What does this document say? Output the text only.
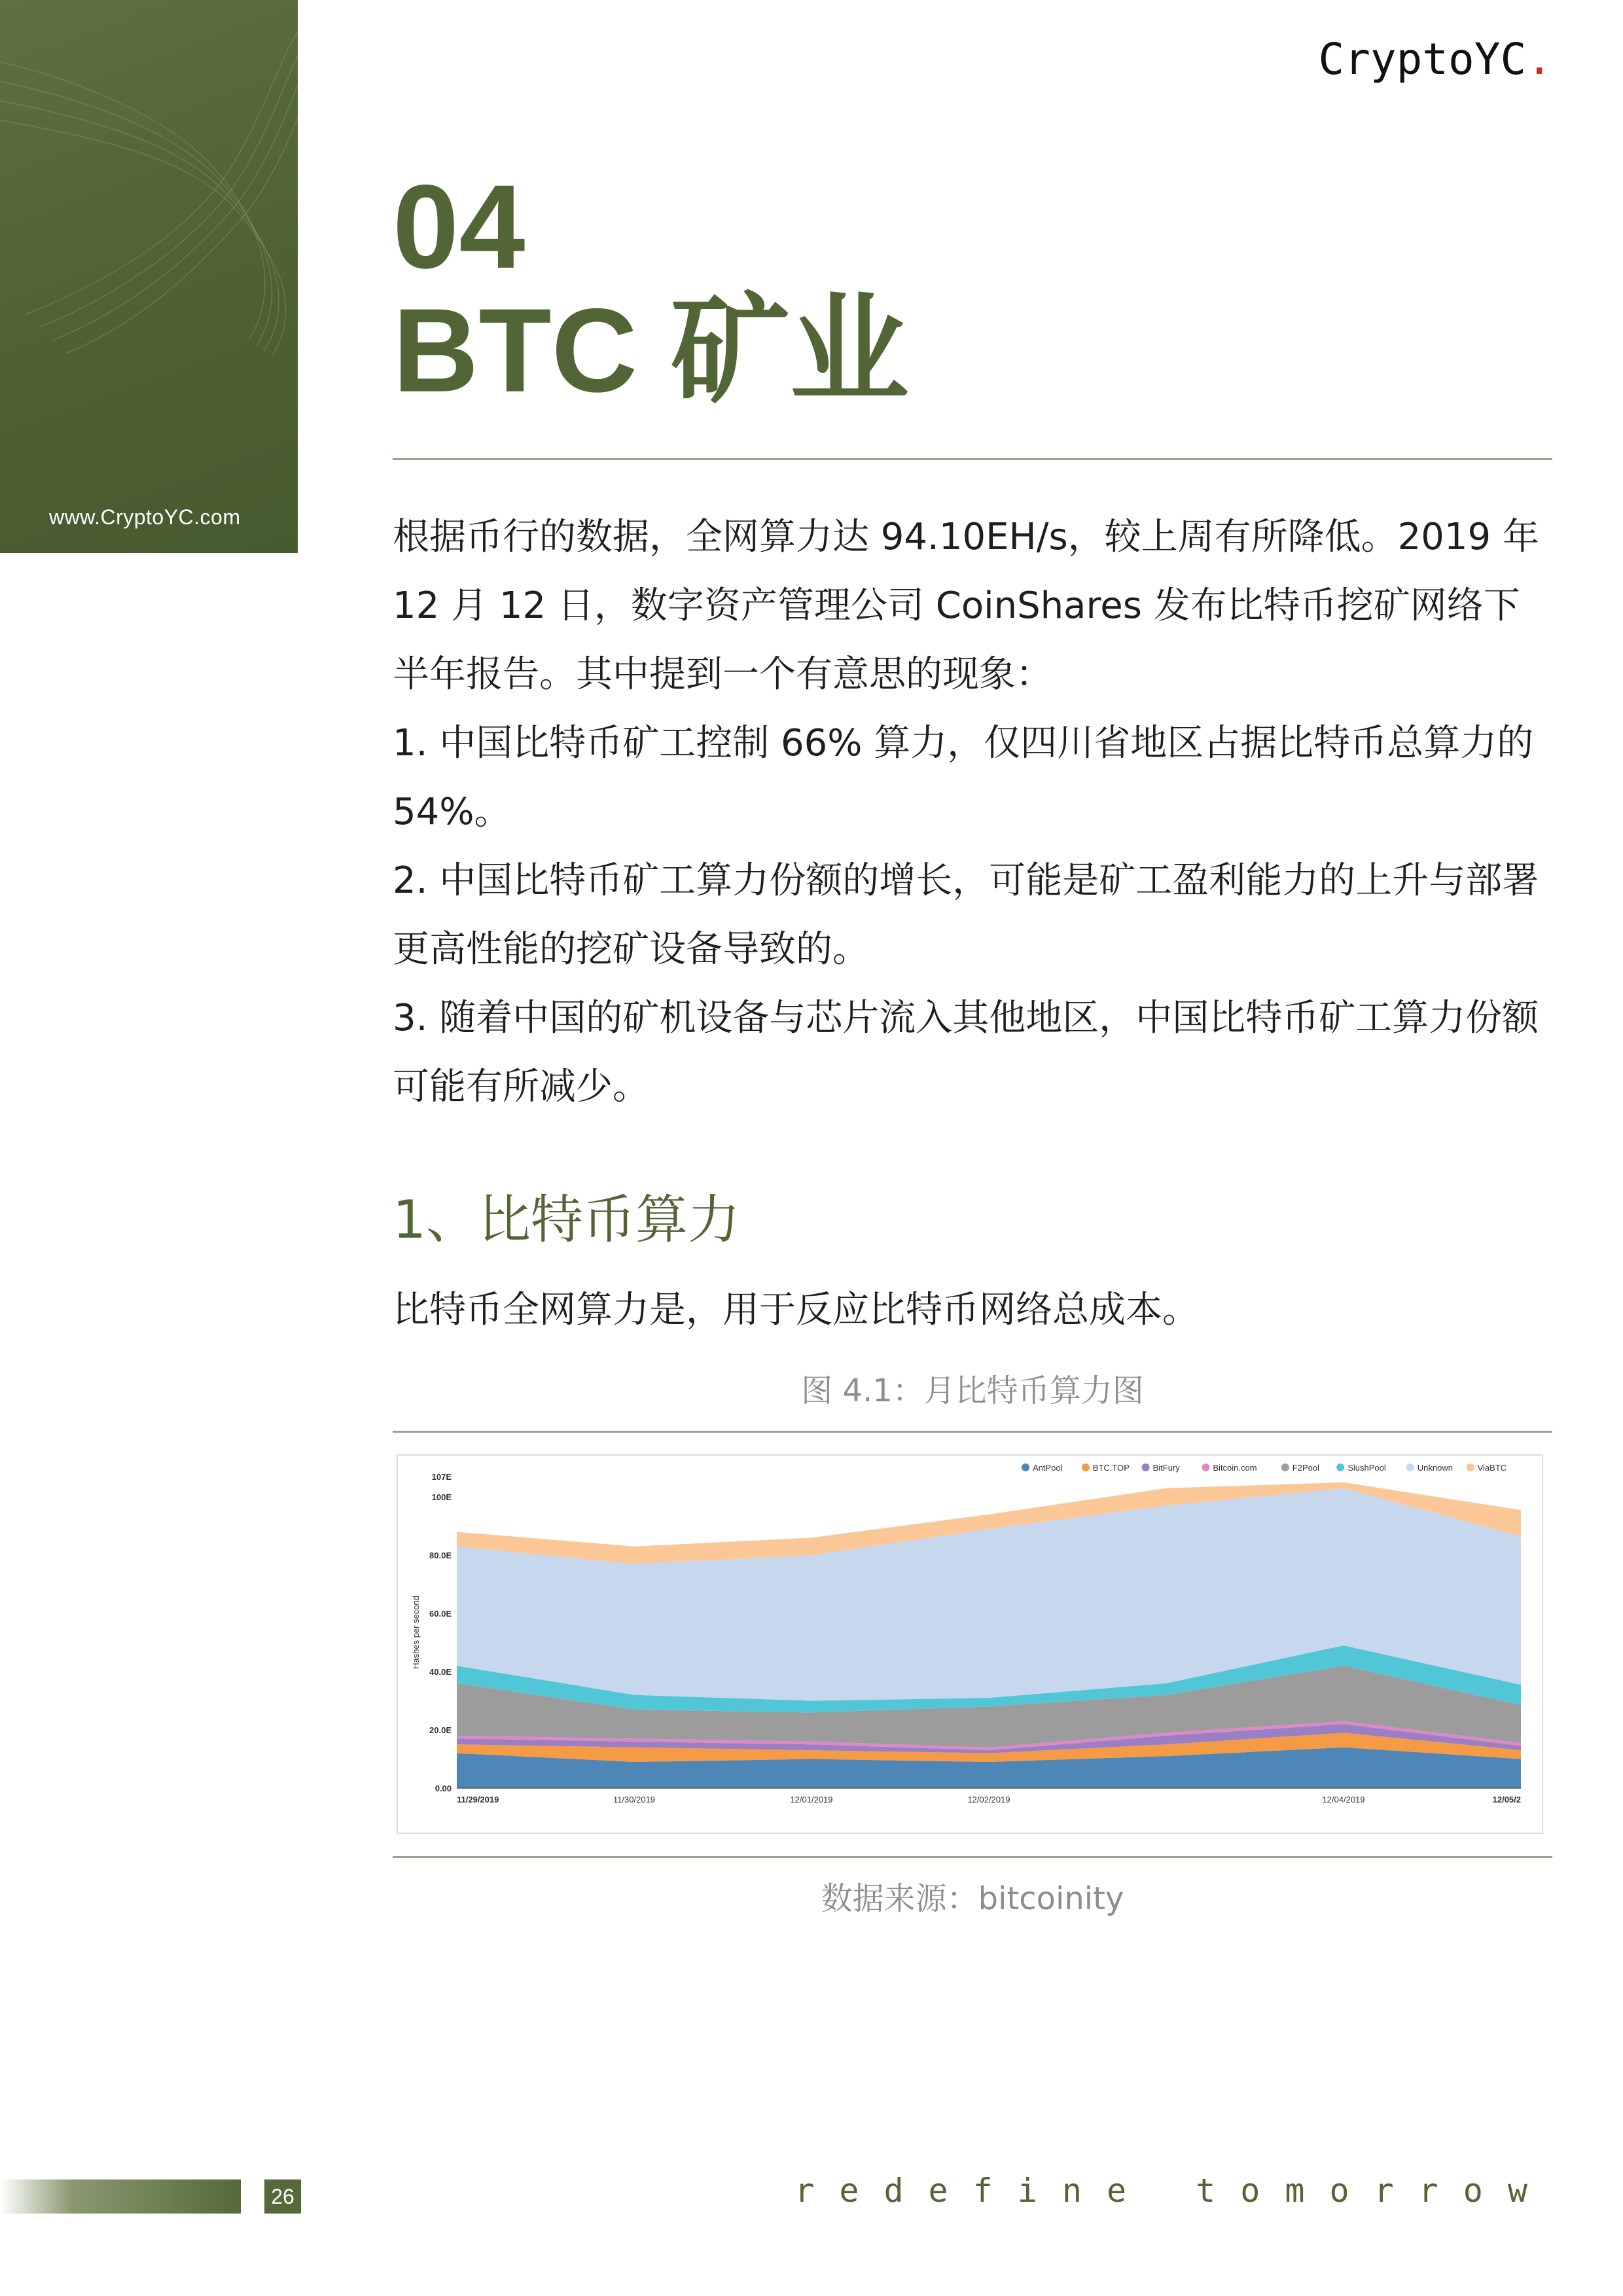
www.CryptoYC.com
CryptoYC.
04
BTC 矿业

根据币行的数据，全网算力达 94.10EH/s，较上周有所降低。2019 年 12 月 12 日，数字资产管理公司 CoinShares 发布比特币挖矿网络下半年报告。其中提到一个有意思的现象：

1. 中国比特币矿工控制 66% 算力，仅四川省地区占据比特币总算力的 54%。

2. 中国比特币矿工算力份额的增长，可能是矿工盈利能力的上升与部署更高性能的挖矿设备导致的。

3. 随着中国的矿机设备与芯片流入其他地区，中国比特币矿工算力份额可能有所减少。

1、比特币算力
比特币全网算力是，用于反应比特币网络总成本。
图 4.1：月比特币算力图
0.00
20.0E
40.0E
60.0E
80.0E
100E
107E
Hashes per second
11/29/2019	11/30/2019	12/01/2019	12/02/2019	12/04/2019	12/05/2
AntPool	BTC.TOP	BitFury	Bitcoin.com	F2Pool	SlushPool	Unknown	ViaBTC
数据来源：bitcoinity
26	redefine tomorrow
